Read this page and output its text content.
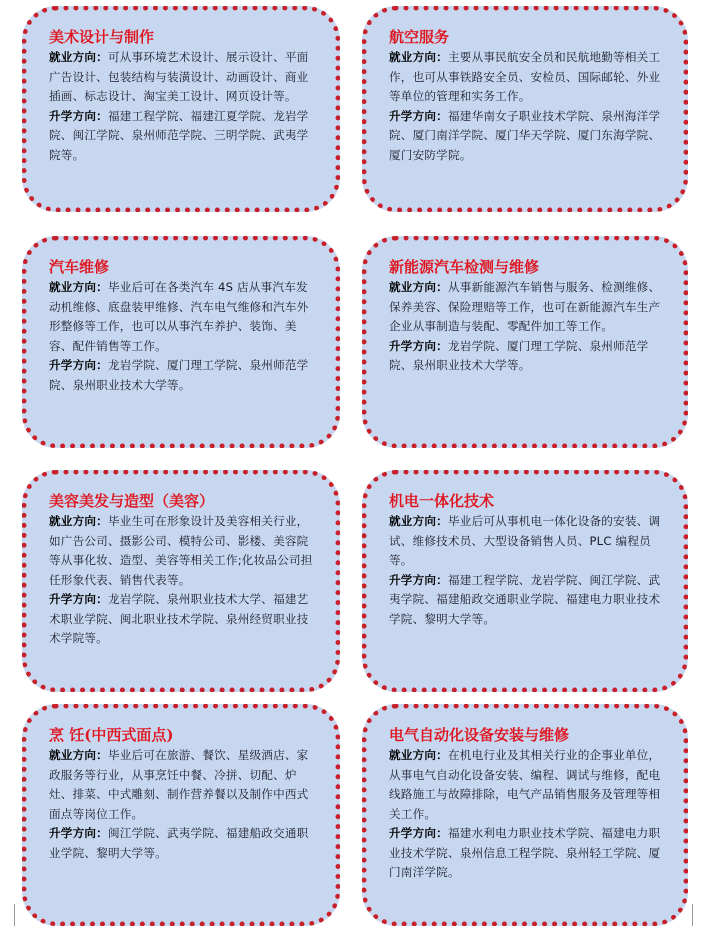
美术设计与制作

就业方向：可从事环境艺术设计、展示设计、平面广告设计、包装结构与装潢设计、动画设计、商业插画、标志设计、淘宝美工设计、网页设计等。

升学方向：福建工程学院、福建江夏学院、龙岩学院、闽江学院、泉州师范学院、三明学院、武夷学院等。

航空服务

就业方向：主要从事民航安全员和民航地勤等相关工作，也可从事铁路安全员、安检员、国际邮轮、外业等单位的管理和实务工作。

升学方向：福建华南女子职业技术学院、泉州海洋学院、厦门南洋学院、厦门华天学院、厦门东海学院、厦门安防学院。

汽车维修

就业方向：毕业后可在各类汽车 4S 店从事汽车发动机维修、底盘装甲维修、汽车电气维修和汽车外形整修等工作，也可以从事汽车养护、装饰、美容、配件销售等工作。

升学方向：龙岩学院、厦门理工学院、泉州师范学院、泉州职业技术大学等。

新能源汽车检测与维修

就业方向：从事新能源汽车销售与服务、检测维修、保养美容、保险理赔等工作，也可在新能源汽车生产企业从事制造与装配、零配件加工等工作。

升学方向：龙岩学院、厦门理工学院、泉州师范学院、泉州职业技术大学等。

美容美发与造型（美容）

就业方向：毕业生可在形象设计及美容相关行业，如广告公司、摄影公司、模特公司、影楼、美容院等从事化妆、造型、美容等相关工作;化妆品公司担任形象代表、销售代表等。

升学方向：龙岩学院、泉州职业技术大学、福建艺术职业学院、闽北职业技术学院、泉州经贸职业技术学院等。

机电一体化技术

就业方向：毕业后可从事机电一体化设备的安装、调试、维修技术员、大型设备销售人员、PLC 编程员等。

升学方向：福建工程学院、龙岩学院、闽江学院、武夷学院、福建船政交通职业学院、福建电力职业技术学院、黎明大学等。

烹 饪(中西式面点)

就业方向：毕业后可在旅游、餐饮、星级酒店、家政服务等行业，从事烹饪中餐、冷拼、切配、炉灶、排菜、中式雕刻、制作营养餐以及制作中西式面点等岗位工作。

升学方向：闽江学院、武夷学院、福建船政交通职业学院、黎明大学等。

电气自动化设备安装与维修

就业方向：在机电行业及其相关行业的企事业单位，从事电气自动化设备安装、编程、调试与维修，配电线路施工与故障排除，电气产品销售服务及管理等相关工作。

升学方向：福建水利电力职业技术学院、福建电力职业技术学院、泉州信息工程学院、泉州轻工学院、厦门南洋学院。
